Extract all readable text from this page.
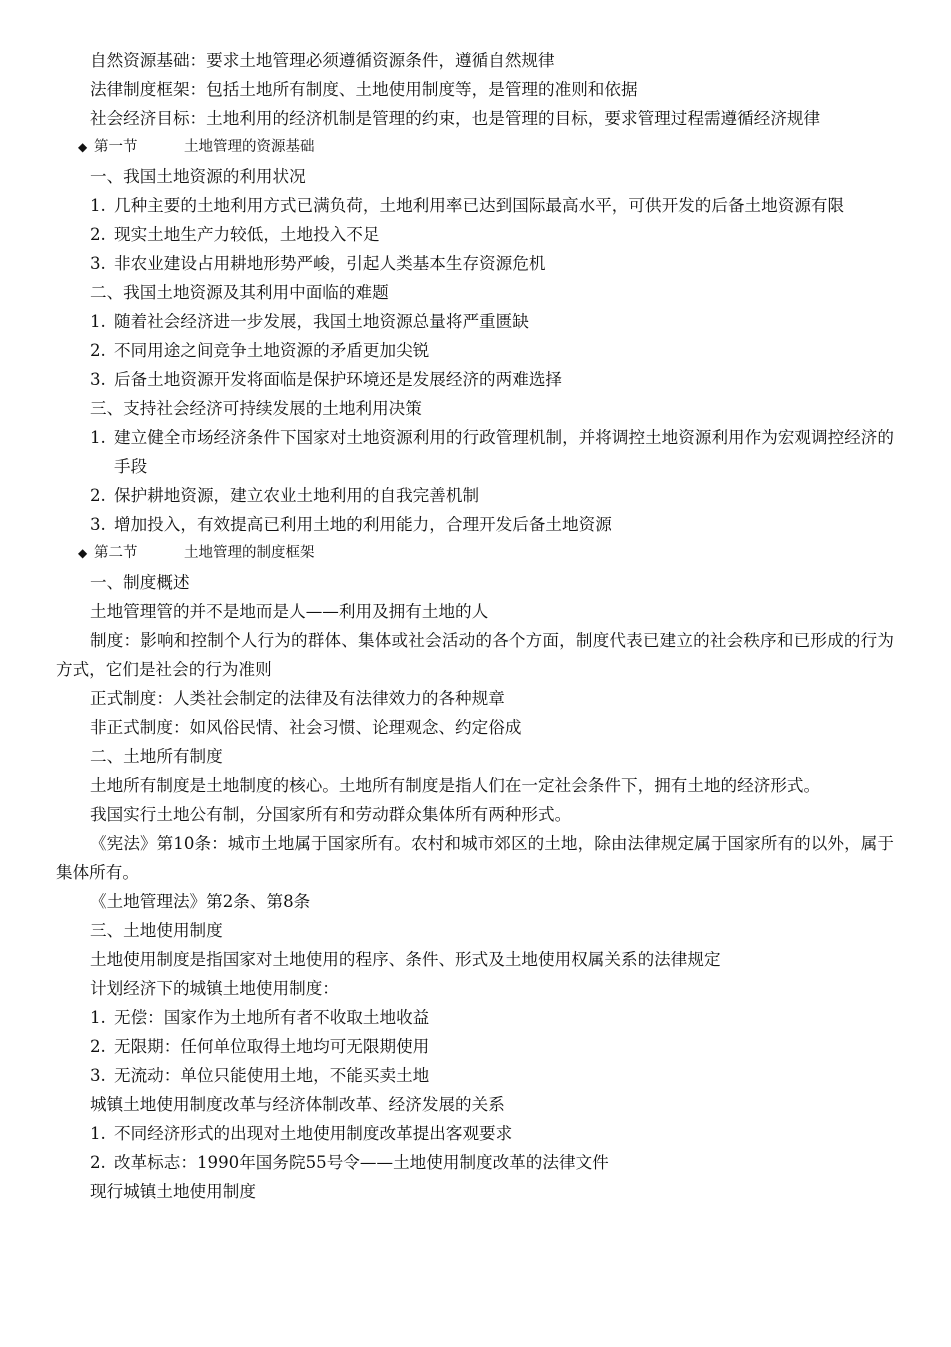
自然资源基础：要求土地管理必须遵循资源条件，遵循自然规律

法律制度框架：包括土地所有制度、土地使用制度等，是管理的准则和依据

社会经济目标：土地利用的经济机制是管理的约束，也是管理的目标，要求管理过程需遵循经济规律

◆ 第一节	土地管理的资源基础

一、我国土地资源的利用状况

1. 几种主要的土地利用方式已满负荷，土地利用率已达到国际最高水平，可供开发的后备土地资源有限

2. 现实土地生产力较低，土地投入不足

3. 非农业建设占用耕地形势严峻，引起人类基本生存资源危机

二、我国土地资源及其利用中面临的难题

1. 随着社会经济进一步发展，我国土地资源总量将严重匮缺

2. 不同用途之间竞争土地资源的矛盾更加尖锐

3. 后备土地资源开发将面临是保护环境还是发展经济的两难选择

三、支持社会经济可持续发展的土地利用决策

1. 建立健全市场经济条件下国家对土地资源利用的行政管理机制，并将调控土地资源利用作为宏观调控经济的手段

2. 保护耕地资源，建立农业土地利用的自我完善机制

3. 增加投入，有效提高已利用土地的利用能力，合理开发后备土地资源

◆ 第二节	土地管理的制度框架

一、制度概述

土地管理管的并不是地而是人——利用及拥有土地的人

制度：影响和控制个人行为的群体、集体或社会活动的各个方面，制度代表已建立的社会秩序和已形成的行为方式，它们是社会的行为准则

正式制度：人类社会制定的法律及有法律效力的各种规章

非正式制度：如风俗民情、社会习惯、论理观念、约定俗成

二、土地所有制度

土地所有制度是土地制度的核心。土地所有制度是指人们在一定社会条件下，拥有土地的经济形式。

我国实行土地公有制，分国家所有和劳动群众集体所有两种形式。

《宪法》第10条：城市土地属于国家所有。农村和城市郊区的土地，除由法律规定属于国家所有的以外，属于集体所有。

《土地管理法》第2条、第8条

三、土地使用制度

土地使用制度是指国家对土地使用的程序、条件、形式及土地使用权属关系的法律规定

计划经济下的城镇土地使用制度：

1. 无偿：国家作为土地所有者不收取土地收益

2. 无限期：任何单位取得土地均可无限期使用

3. 无流动：单位只能使用土地，不能买卖土地

城镇土地使用制度改革与经济体制改革、经济发展的关系

1. 不同经济形式的出现对土地使用制度改革提出客观要求

2. 改革标志：1990年国务院55号令——土地使用制度改革的法律文件

现行城镇土地使用制度
